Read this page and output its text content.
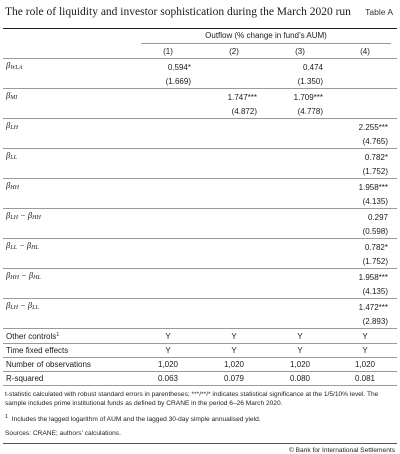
The role of liquidity and investor sophistication during the March 2020 run Table A
	Outflow (% change in fund’s AUM)			
	(1)	(2)	(3)	(4)
$\beta_{WLA}$	0.594*		0.474	
	(1.669)		(1.350)	
$\beta_{MI}$		1.747***	1.709***	
		(4.872)	(4.778)	
$\beta_{LH}$				2.255***
				(4.765)
$\beta_{LL}$				0.782*
				(1.752)
$\beta_{HH}$				1.958***
				(4.135)
$\beta_{LH} - \beta_{HH}$				0.297
				(0.598)
$\beta_{LL} - \beta_{HL}$				0.782*
				(1.752)
$\beta_{HH} - \beta_{HL}$				1.958***
				(4.135)
$\beta_{LH} - \beta_{LL}$				1.472***
				(2.893)
Other controls$^1$	Y	Y	Y	Y
Time fixed effects	Y	Y	Y	Y
Number of observations	1,020	1,020	1,020	1,020
R-squared	0.063	0.079	0.080	0.081

t-statistic calculated with robust standard errors in parentheses; ***/**/* indicates statistical significance at the 1/5/10% level. The sample includes prime institutional funds as defined by CRANE in the period 6–26 March 2020.

$^1$ Includes the lagged logarithm of AUM and the lagged 30-day simple annualised yield.

Sources: CRANE; authors’ calculations.

© Bank for International Settlements
